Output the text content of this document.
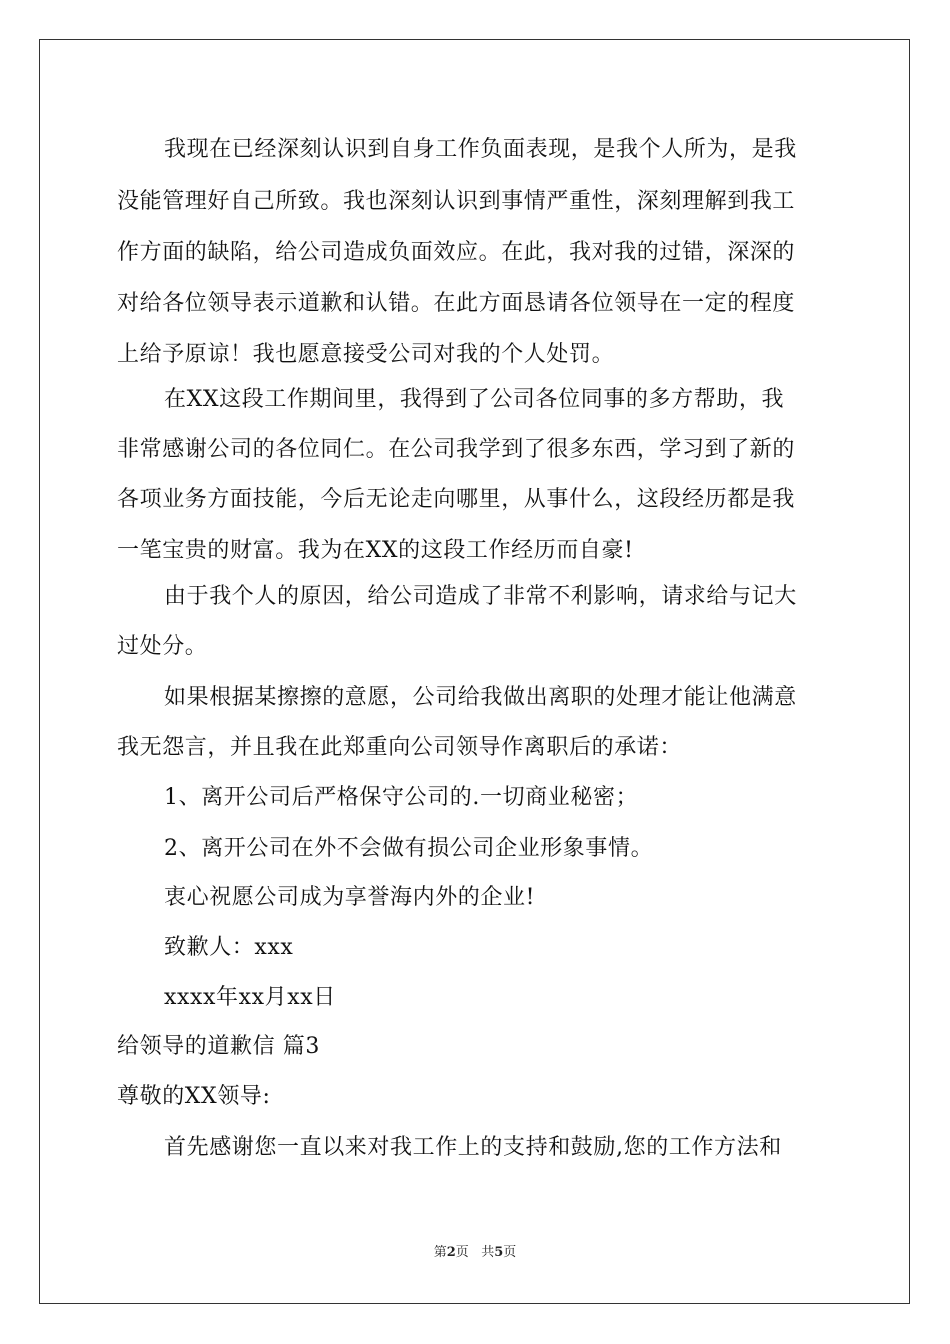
我现在已经深刻认识到自身工作负面表现，是我个人所为，是我
没能管理好自己所致。我也深刻认识到事情严重性，深刻理解到我工
作方面的缺陷，给公司造成负面效应。在此，我对我的过错，深深的
对给各位领导表示道歉和认错。在此方面恳请各位领导在一定的程度
上给予原谅！我也愿意接受公司对我的个人处罚。
在XX这段工作期间里，我得到了公司各位同事的多方帮助，我
非常感谢公司的各位同仁。在公司我学到了很多东西，学习到了新的
各项业务方面技能，今后无论走向哪里，从事什么，这段经历都是我
一笔宝贵的财富。我为在XX的这段工作经历而自豪!
由于我个人的原因，给公司造成了非常不利影响，请求给与记大
过处分。
如果根据某擦擦的意愿，公司给我做出离职的处理才能让他满意
我无怨言，并且我在此郑重向公司领导作离职后的承诺：
1、离开公司后严格保守公司的.一切商业秘密；
2、离开公司在外不会做有损公司企业形象事情。
衷心祝愿公司成为享誉海内外的企业!
致歉人：xxx
xxxx年xx月xx日
给领导的道歉信 篇3
尊敬的XX领导:
首先感谢您一直以来对我工作上的支持和鼓励,您的工作方法和
第2页   共5页
